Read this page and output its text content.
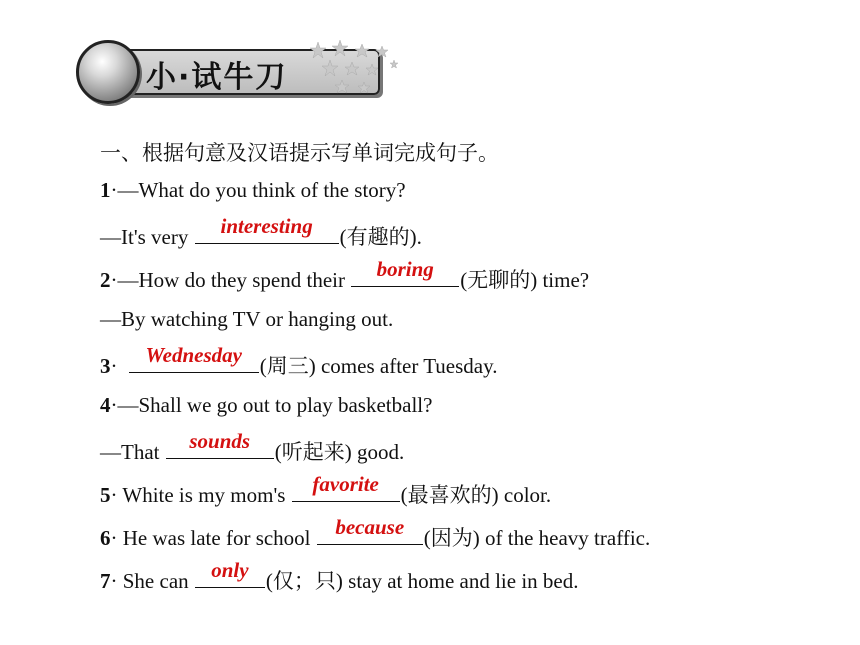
小·试牛刀
一、根据句意及汉语提示写单词完成句子。
1·—What do you think of the story?
—It's very	interesting	(有趣的).
2·—How do they spend their	boring	(无聊的) time?
—By watching TV or hanging out.
3·	Wednesday (周三) comes after Tuesday.
4·—Shall we go out to play basketball?
—That	sounds	(听起来) good.
5· White is my mom's	favorite	(最喜欢的) color.
6· He was late for school because (因为) of the heavy traffic.
7· She can only (仅；只) stay at home and lie in bed.
